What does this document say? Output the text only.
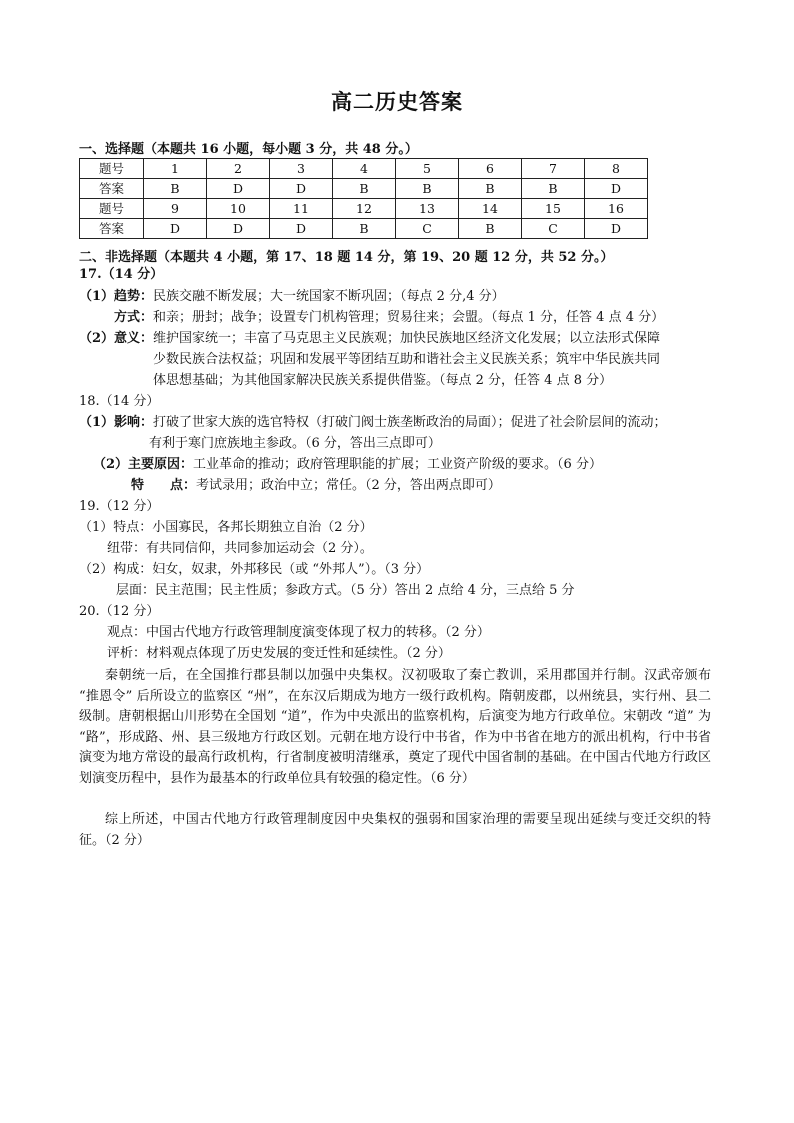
高二历史答案
一、选择题（本题共 16 小题，每小题 3 分，共 48 分。）
题号	1	2	3	4	5	6	7	8
答案	B	D	D	B	B	B	B	D
题号	9	10	11	12	13	14	15	16
答案	D	D	D	B	C	B	C	D
二、非选择题（本题共 4 小题，第 17、18 题 14 分，第 19、20 题 12 分，共 52 分。）
17.（14 分）
（1）趋势：民族交融不断发展；大一统国家不断巩固；（每点 2 分,4 分）
方式：和亲；册封；战争；设置专门机构管理；贸易往来；会盟。（每点 1 分，任答 4 点 4 分）
（2）意义：维护国家统一；丰富了马克思主义民族观；加快民族地区经济文化发展；以立法形式保障
少数民族合法权益；巩固和发展平等团结互助和谐社会主义民族关系；筑牢中华民族共同
体思想基础；为其他国家解决民族关系提供借鉴。（每点 2 分，任答 4 点 8 分）
18.（14 分）
（1）影响：打破了世家大族的选官特权（打破门阀士族垄断政治的局面）；促进了社会阶层间的流动；
有利于寒门庶族地主参政。（6 分，答出三点即可）
（2）主要原因：工业革命的推动；政府管理职能的扩展；工业资产阶级的要求。（6 分）
特　　点：考试录用；政治中立；常任。（2 分，答出两点即可）
19.（12 分）
（1）特点：小国寡民，各邦长期独立自治（2 分）
纽带：有共同信仰，共同参加运动会（2 分）。
（2）构成：妇女，奴隶，外邦移民（或 “外邦人”）。（3 分）
层面：民主范围；民主性质；参政方式。（5 分）答出 2 点给 4 分，三点给 5 分
20.（12 分）
观点：中国古代地方行政管理制度演变体现了权力的转移。（2 分）
评析：材料观点体现了历史发展的变迁性和延续性。（2 分）
秦朝统一后，在全国推行郡县制以加强中央集权。汉初吸取了秦亡教训，采用郡国并行制。汉武帝颁布 “推恩令” 后所设立的监察区 “州”，在东汉后期成为地方一级行政机构。隋朝废郡，以州统县，实行州、县二级制。唐朝根据山川形势在全国划 “道”，作为中央派出的监察机构，后演变为地方行政单位。宋朝改 “道” 为 “路”，形成路、州、县三级地方行政区划。元朝在地方设行中书省，作为中书省在地方的派出机构，行中书省演变为地方常设的最高行政机构，行省制度被明清继承，奠定了现代中国省制的基础。在中国古代地方行政区划演变历程中，县作为最基本的行政单位具有较强的稳定性。（6 分）
综上所述，中国古代地方行政管理制度因中央集权的强弱和国家治理的需要呈现出延续与变迁交织的特征。（2 分）
